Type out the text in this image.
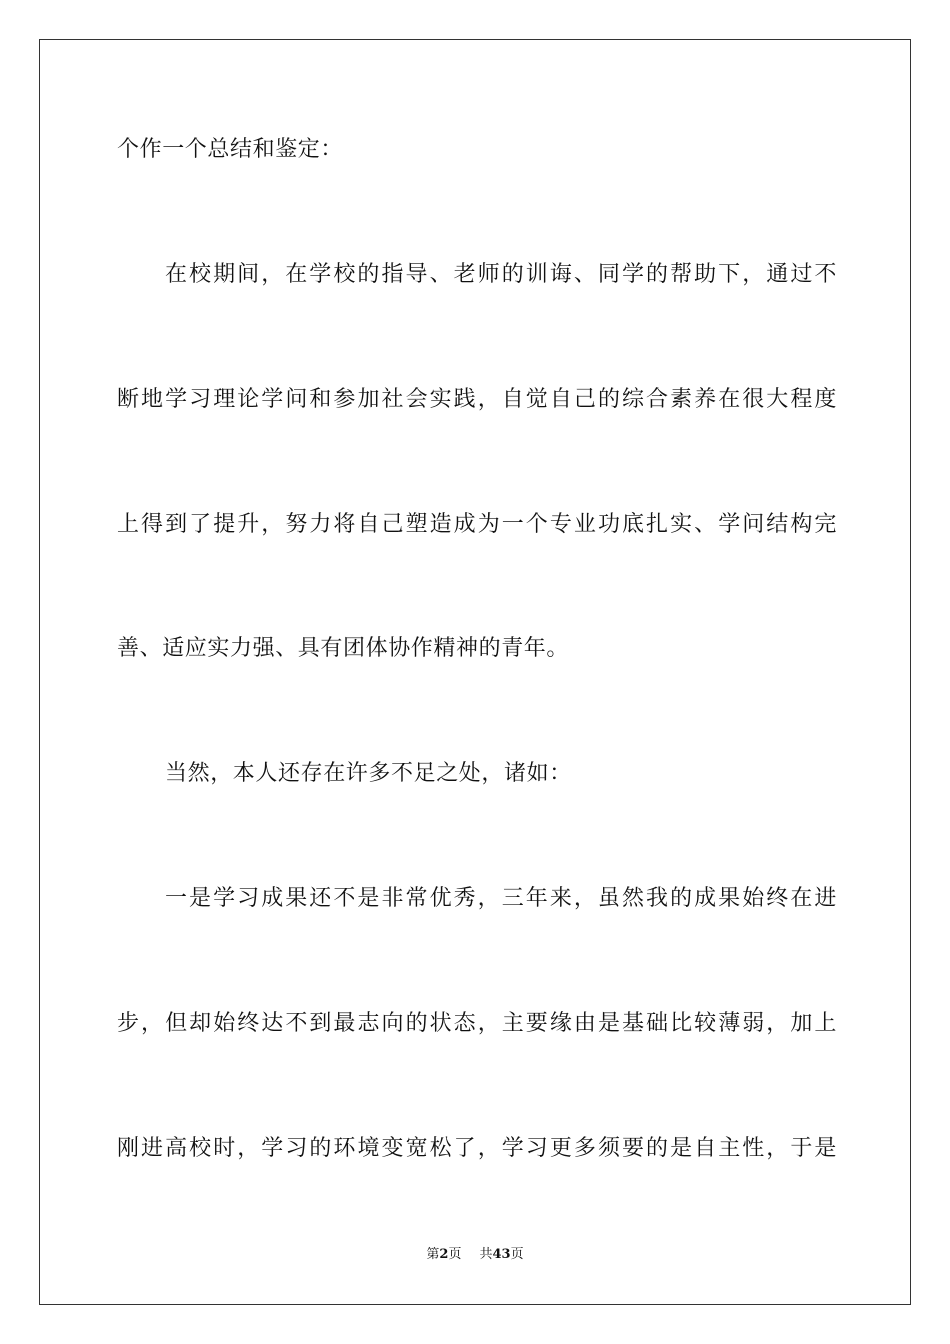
个作一个总结和鉴定：
在校期间，在学校的指导、老师的训诲、同学的帮助下，通过不
断地学习理论学问和参加社会实践，自觉自己的综合素养在很大程度
上得到了提升，努力将自己塑造成为一个专业功底扎实、学问结构完
善、适应实力强、具有团体协作精神的青年。
当然，本人还存在许多不足之处，诸如：
一是学习成果还不是非常优秀，三年来，虽然我的成果始终在进
步，但却始终达不到最志向的状态，主要缘由是基础比较薄弱，加上
刚进高校时，学习的环境变宽松了，学习更多须要的是自主性，于是
第2页 共43页
